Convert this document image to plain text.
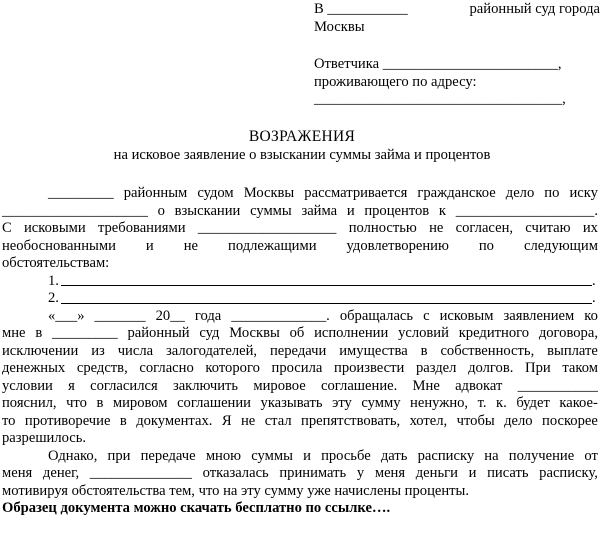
В ___________	районный суд города
Москвы
Ответчика ________________________,
проживающего по адресу:
__________________________________,
ВОЗРАЖЕНИЯ
на исковое заявление о взыскании суммы займа и процентов
_________ районным судом Москвы рассматривается гражданское дело по иску
____________________ о взыскании суммы займа и процентов к ___________________.
С исковыми требованиями ___________________ полностью не согласен, считаю их
необоснованными и не подлежащими удовлетворению по следующим
обстоятельствам:
1.	.
2.	.
«___» _______ 20__ года _____________. обращалась с исковым заявлением ко
мне в _________ районный суд Москвы об исполнении условий кредитного договора,
исключении из числа залогодателей, передачи имущества в собственность, выплате
денежных средств, согласно которого просила произвести раздел долгов. При таком
условии я согласился заключить мировое соглашение. Мне адвокат ___________
пояснил, что в мировом соглашении указывать эту сумму ненужно, т. к. будет какое-
то противоречие в документах. Я не стал препятствовать, хотел, чтобы дело поскорее
разрешилось.
Однако, при передаче мною суммы и просьбе дать расписку на получение от
меня денег, ______________ отказалась принимать у меня деньги и писать расписку,
мотивируя обстоятельства тем, что на эту сумму уже начислены проценты.
Образец документа можно скачать бесплатно по ссылке….
